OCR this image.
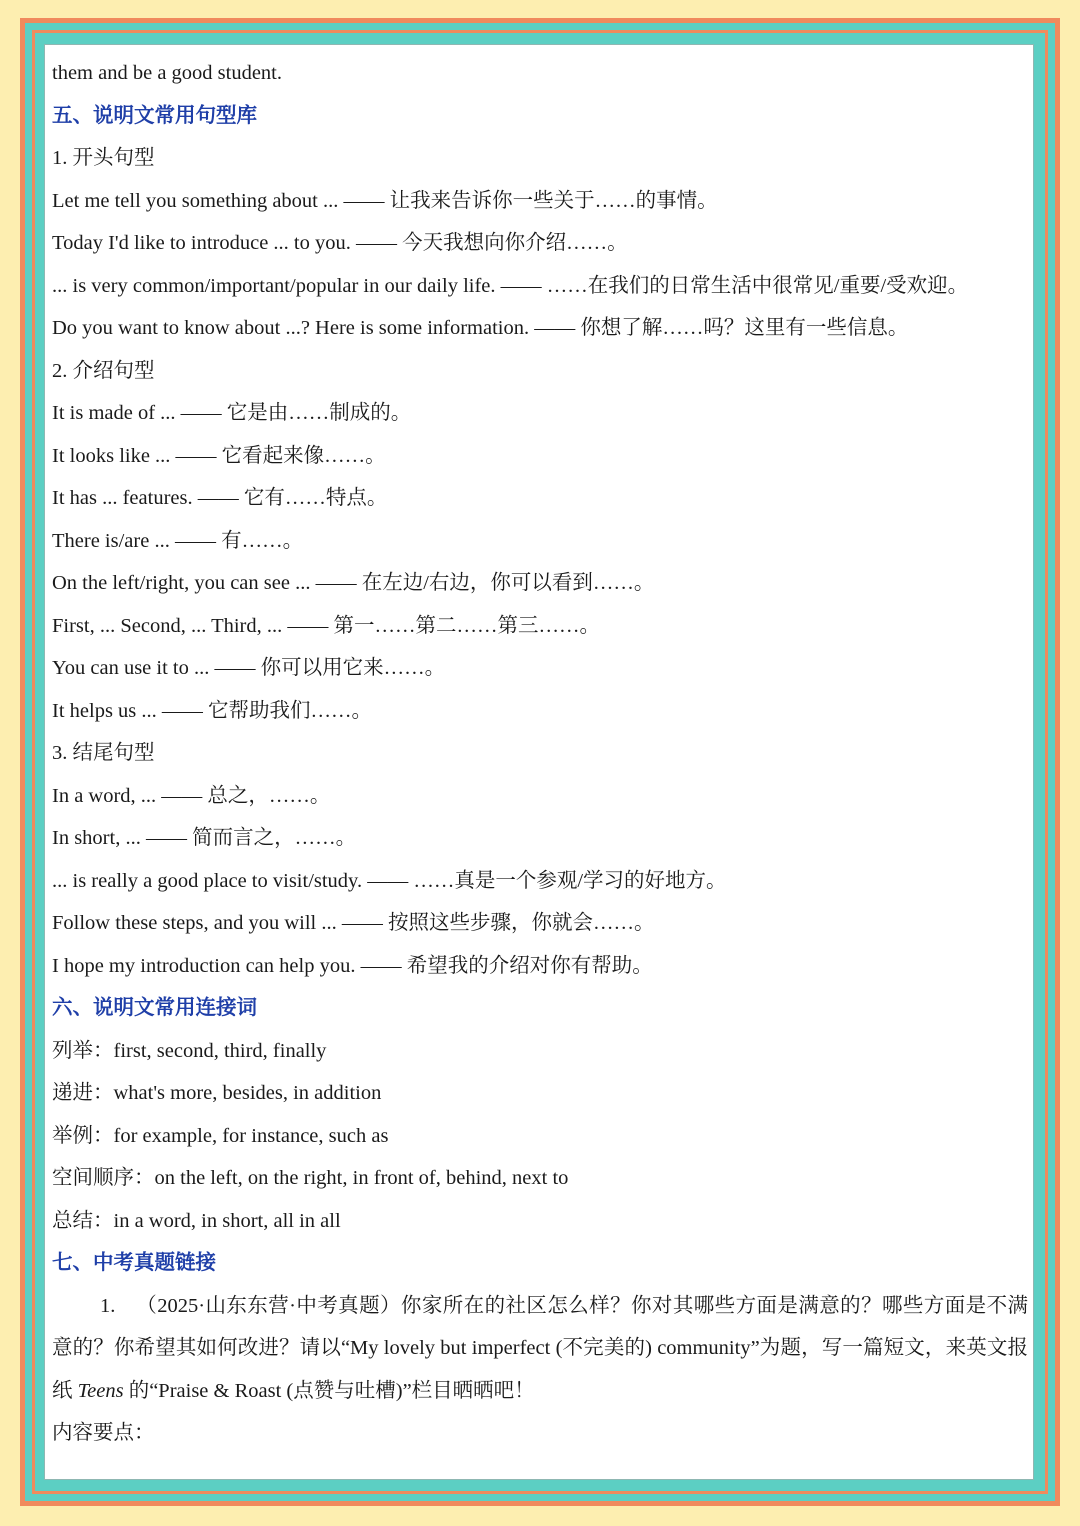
them and be a good student.
五、说明文常用句型库
1. 开头句型
Let me tell you something about ... —— 让我来告诉你一些关于……的事情。
Today I'd like to introduce ... to you. —— 今天我想向你介绍……。
... is very common/important/popular in our daily life. —— ……在我们的日常生活中很常见/重要/受欢迎。
Do you want to know about ...? Here is some information. —— 你想了解……吗？这里有一些信息。
2. 介绍句型
It is made of ... —— 它是由……制成的。
It looks like ... —— 它看起来像……。
It has ... features. —— 它有……特点。
There is/are ... —— 有……。
On the left/right, you can see ... —— 在左边/右边，你可以看到……。
First, ... Second, ... Third, ... —— 第一……第二……第三……。
You can use it to ... —— 你可以用它来……。
It helps us ... —— 它帮助我们……。
3. 结尾句型
In a word, ... —— 总之，……。
In short, ... —— 简而言之，……。
... is really a good place to visit/study. —— ……真是一个参观/学习的好地方。
Follow these steps, and you will ... —— 按照这些步骤，你就会……。
I hope my introduction can help you. —— 希望我的介绍对你有帮助。
六、说明文常用连接词
列举：first, second, third, finally
递进：what's more, besides, in addition
举例：for example, for instance, such as
空间顺序：on the left, on the right, in front of, behind, next to
总结：in a word, in short, all in all
七、中考真题链接
1.  （2025·山东东营·中考真题）你家所在的社区怎么样？你对其哪些方面是满意的？哪些方面是不满意的？你希望其如何改进？请以“My lovely but imperfect (不完美的) community”为题，写一篇短文，来英文报纸 Teens 的“Praise & Roast (点赞与吐槽)”栏目晒晒吧！
内容要点：
